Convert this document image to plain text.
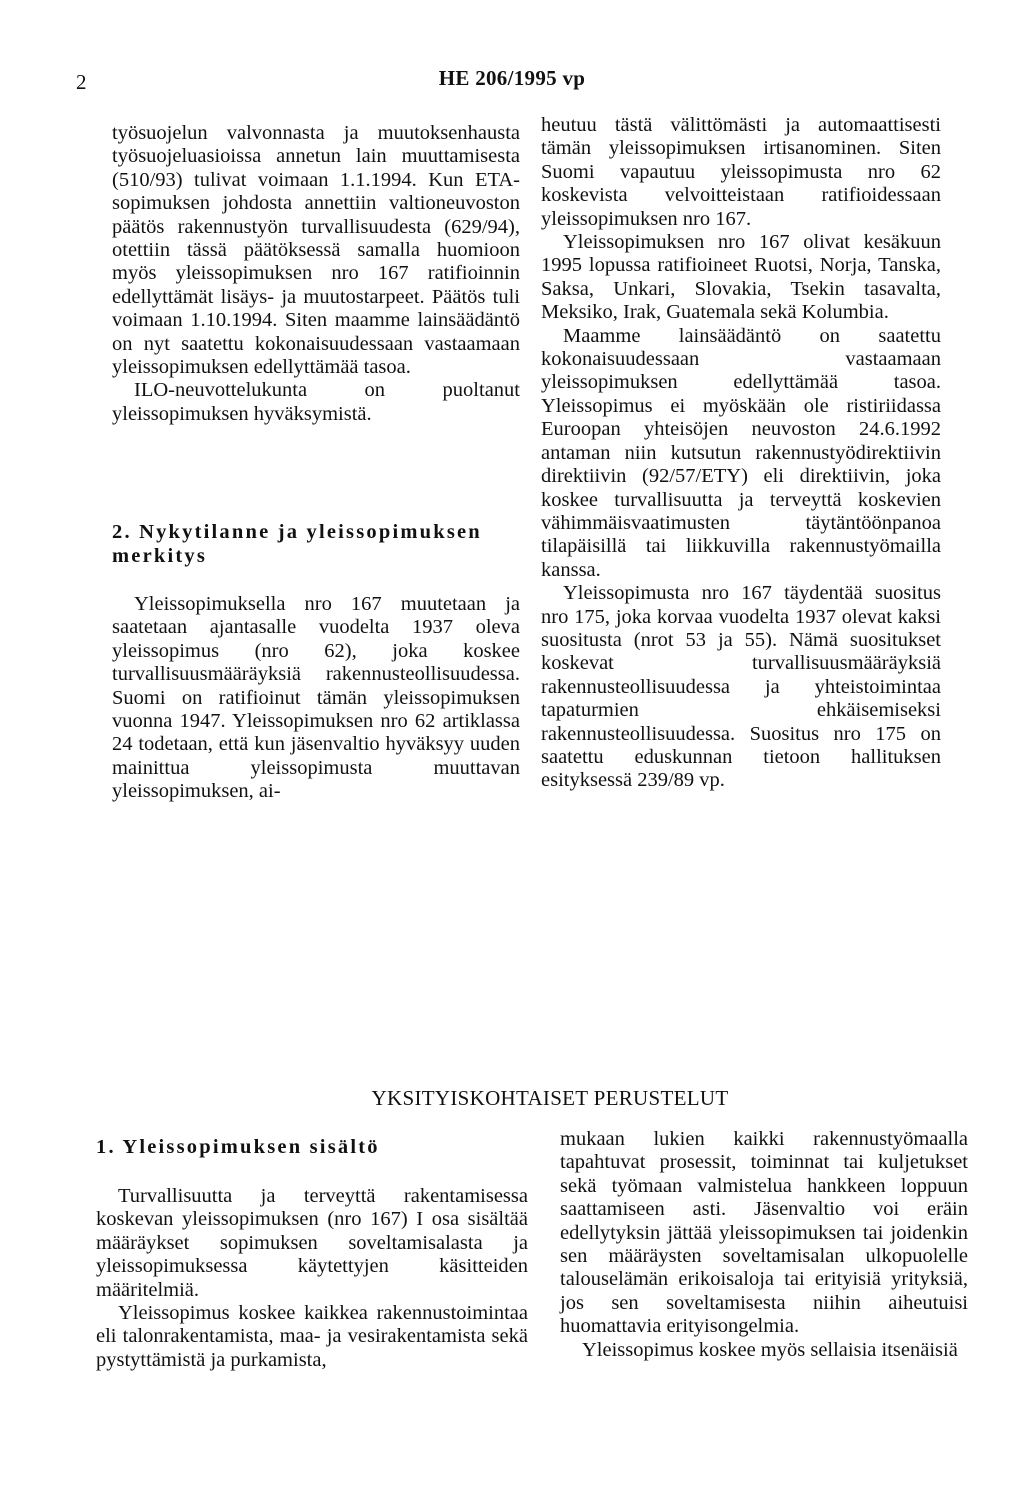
2	HE 206/1995 vp

työsuojelun valvonnasta ja muutoksenhausta työsuojeluasioissa annetun lain muuttamisesta (510/93) tulivat voimaan 1.1.1994. Kun ETA-sopimuksen johdosta annettiin valtioneuvoston päätös rakennustyön turvallisuudesta (629/94), otettiin tässä päätöksessä samalla huomioon myös yleissopimuksen nro 167 ratifioinnin edellyttämät lisäys- ja muutostarpeet. Päätös tuli voimaan 1.10.1994. Siten maamme lainsäädäntö on nyt saatettu kokonaisuudessaan vastaamaan yleissopimuksen edellyttämää tasoa.

ILO-neuvottelukunta on puoltanut yleissopimuksen hyväksymistä.

heutuu tästä välittömästi ja automaattisesti tämän yleissopimuksen irtisanominen. Siten Suomi vapautuu yleissopimusta nro 62 koskevista velvoitteistaan ratifioidessaan yleissopimuksen nro 167.

Yleissopimuksen nro 167 olivat kesäkuun 1995 lopussa ratifioineet Ruotsi, Norja, Tanska, Saksa, Unkari, Slovakia, Tsekin tasavalta, Meksiko, Irak, Guatemala sekä Kolumbia.

Maamme lainsäädäntö on saatettu kokonaisuudessaan vastaamaan yleissopimuksen edellyttämää tasoa. Yleissopimus ei myöskään ole ristiriidassa Euroopan yhteisöjen neuvoston 24.6.1992 antaman niin kutsutun rakennustyödirektiivin direktiivin (92/57/ETY) eli direktiivin, joka koskee turvallisuutta ja terveyttä koskevien vähimmäisvaatimusten täytäntöönpanoa tilapäisillä tai liikkuvilla rakennustyömailla kanssa.

Yleissopimusta nro 167 täydentää suositus nro 175, joka korvaa vuodelta 1937 olevat kaksi suositusta (nrot 53 ja 55). Nämä suositukset koskevat turvallisuusmääräyksiä rakennusteollisuudessa ja yhteistoimintaa tapaturmien ehkäisemiseksi rakennusteollisuudessa. Suositus nro 175 on saatettu eduskunnan tietoon hallituksen esityksessä 239/89 vp.

2. Nykytilanne ja yleissopimuksen merkitys

Yleissopimuksella nro 167 muutetaan ja saatetaan ajantasalle vuodelta 1937 oleva yleissopimus (nro 62), joka koskee turvallisuusmääräyksiä rakennusteollisuudessa. Suomi on ratifioinut tämän yleissopimuksen vuonna 1947. Yleissopimuksen nro 62 artiklassa 24 todetaan, että kun jäsenvaltio hyväksyy uuden mainittua yleissopimusta muuttavan yleissopimuksen, ai-

YKSITYISKOHTAISET PERUSTELUT
1. Yleissopimuksen sisältö

Turvallisuutta ja terveyttä rakentamisessa koskevan yleissopimuksen (nro 167) I osa sisältää määräykset sopimuksen soveltamisalasta ja yleissopimuksessa käytettyjen käsitteiden määritelmiä.

Yleissopimus koskee kaikkea rakennustoimintaa eli talonrakentamista, maa- ja vesirakentamista sekä pystyttämistä ja purkamista,

mukaan lukien kaikki rakennustyömaalla tapahtuvat prosessit, toiminnat tai kuljetukset sekä työmaan valmistelua hankkeen loppuun saattamiseen asti. Jäsenvaltio voi eräin edellytyksin jättää yleissopimuksen tai joidenkin sen määräysten soveltamisalan ulkopuolelle talouselämän erikoisaloja tai erityisiä yrityksiä, jos sen soveltamisesta niihin aiheutuisi huomattavia erityisongelmia.

Yleissopimus koskee myös sellaisia itsenäisiä
